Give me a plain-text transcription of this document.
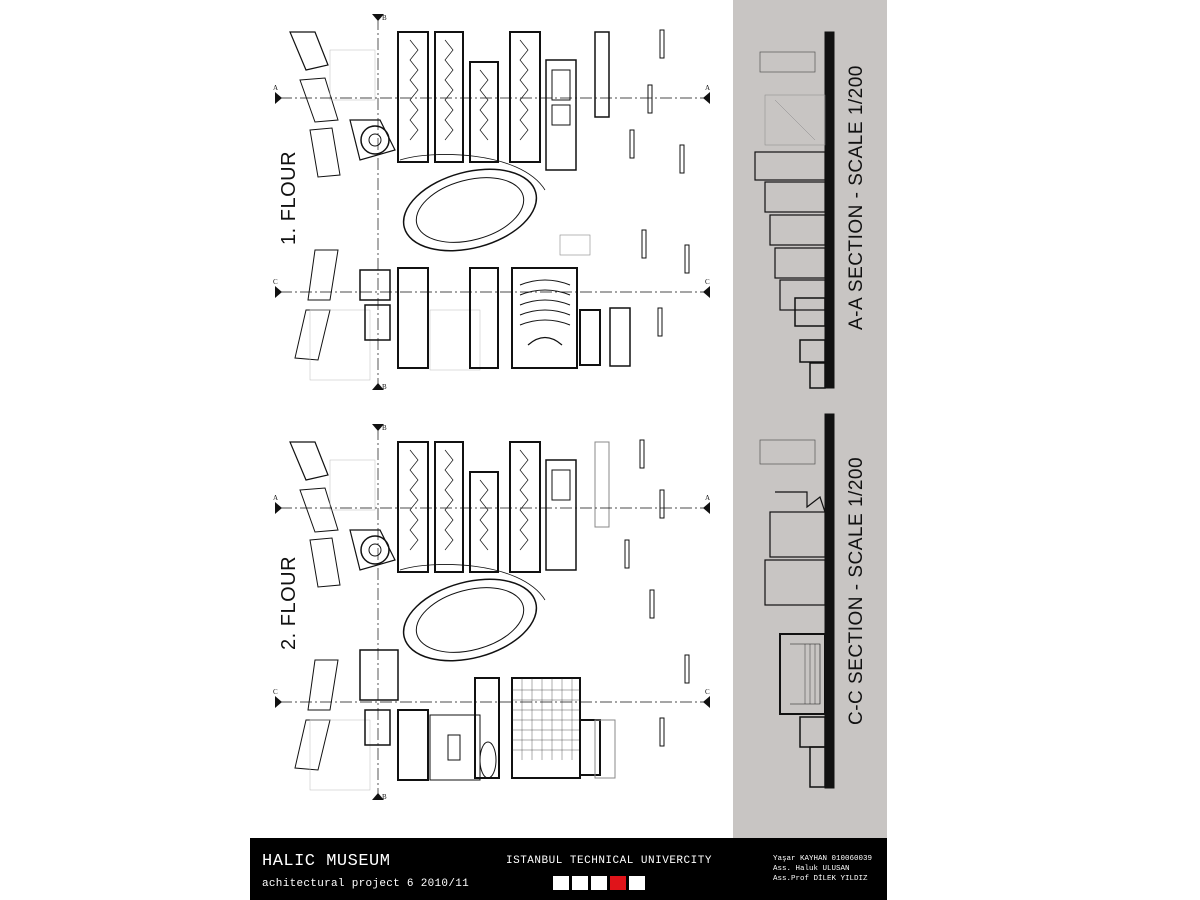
A	A
C	C
B
B
1. FLOUR
A	A
C	C
B
B
2. FLOUR
A-A SECTION - SCALE 1/200
C-C SECTION - SCALE 1/200
HALIC MUSEUM
achitectural project 6 2010/11
ISTANBUL TECHNICAL UNIVERCITY	Yaşar KAYHAN 010060039
Ass. Haluk ULUSAN
Ass.Prof DİLEK YILDIZ
